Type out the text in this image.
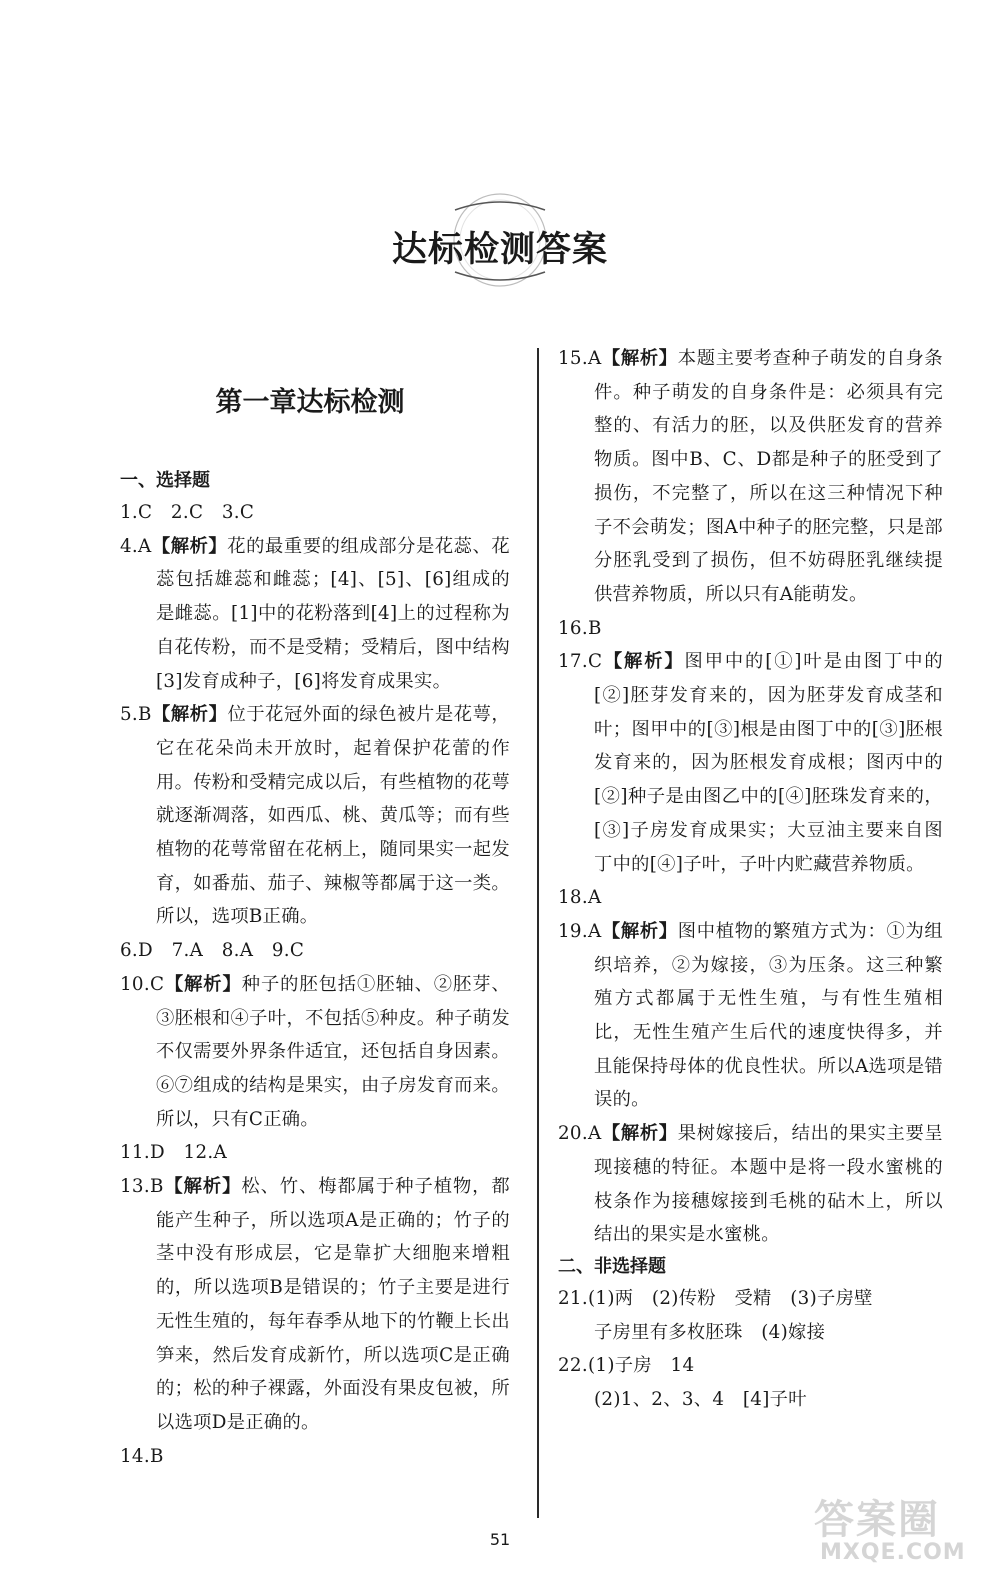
达标检测答案
第一章达标检测
一、选择题
1.C　2.C　3.C
4.A【解析】花的最重要的组成部分是花蕊、花蕊包括雄蕊和雌蕊；[4]、[5]、[6]组成的是雌蕊。[1]中的花粉落到[4]上的过程称为自花传粉，而不是受精；受精后，图中结构[3]发育成种子，[6]将发育成果实。
5.B【解析】位于花冠外面的绿色被片是花萼，它在花朵尚未开放时，起着保护花蕾的作用。传粉和受精完成以后，有些植物的花萼就逐渐凋落，如西瓜、桃、黄瓜等；而有些植物的花萼常留在花柄上，随同果实一起发育，如番茄、茄子、辣椒等都属于这一类。所以，选项B正确。
6.D　7.A　8.A　9.C
10.C【解析】种子的胚包括①胚轴、②胚芽、③胚根和④子叶，不包括⑤种皮。种子萌发不仅需要外界条件适宜，还包括自身因素。⑥⑦组成的结构是果实，由子房发育而来。所以，只有C正确。
11.D　12.A
13.B【解析】松、竹、梅都属于种子植物，都能产生种子，所以选项A是正确的；竹子的茎中没有形成层，它是靠扩大细胞来增粗的，所以选项B是错误的；竹子主要是进行无性生殖的，每年春季从地下的竹鞭上长出笋来，然后发育成新竹，所以选项C是正确的；松的种子裸露，外面没有果皮包被，所以选项D是正确的。
14.B
15.A【解析】本题主要考查种子萌发的自身条件。种子萌发的自身条件是：必须具有完整的、有活力的胚，以及供胚发育的营养物质。图中B、C、D都是种子的胚受到了损伤，不完整了，所以在这三种情况下种子不会萌发；图A中种子的胚完整，只是部分胚乳受到了损伤，但不妨碍胚乳继续提供营养物质，所以只有A能萌发。
16.B
17.C【解析】图甲中的[①]叶是由图丁中的[②]胚芽发育来的，因为胚芽发育成茎和叶；图甲中的[③]根是由图丁中的[③]胚根发育来的，因为胚根发育成根；图丙中的[②]种子是由图乙中的[④]胚珠发育来的，[③]子房发育成果实；大豆油主要来自图丁中的[④]子叶，子叶内贮藏营养物质。
18.A
19.A【解析】图中植物的繁殖方式为：①为组织培养，②为嫁接，③为压条。这三种繁殖方式都属于无性生殖，与有性生殖相比，无性生殖产生后代的速度快得多，并且能保持母体的优良性状。所以A选项是错误的。
20.A【解析】果树嫁接后，结出的果实主要呈现接穗的特征。本题中是将一段水蜜桃的枝条作为接穗嫁接到毛桃的砧木上，所以结出的果实是水蜜桃。
二、非选择题
21.(1)两　(2)传粉　受精　(3)子房壁
子房里有多枚胚珠　(4)嫁接
22.(1)子房　14
(2)1、2、3、4　[4]子叶
51	答案圈
MXQE.COM
